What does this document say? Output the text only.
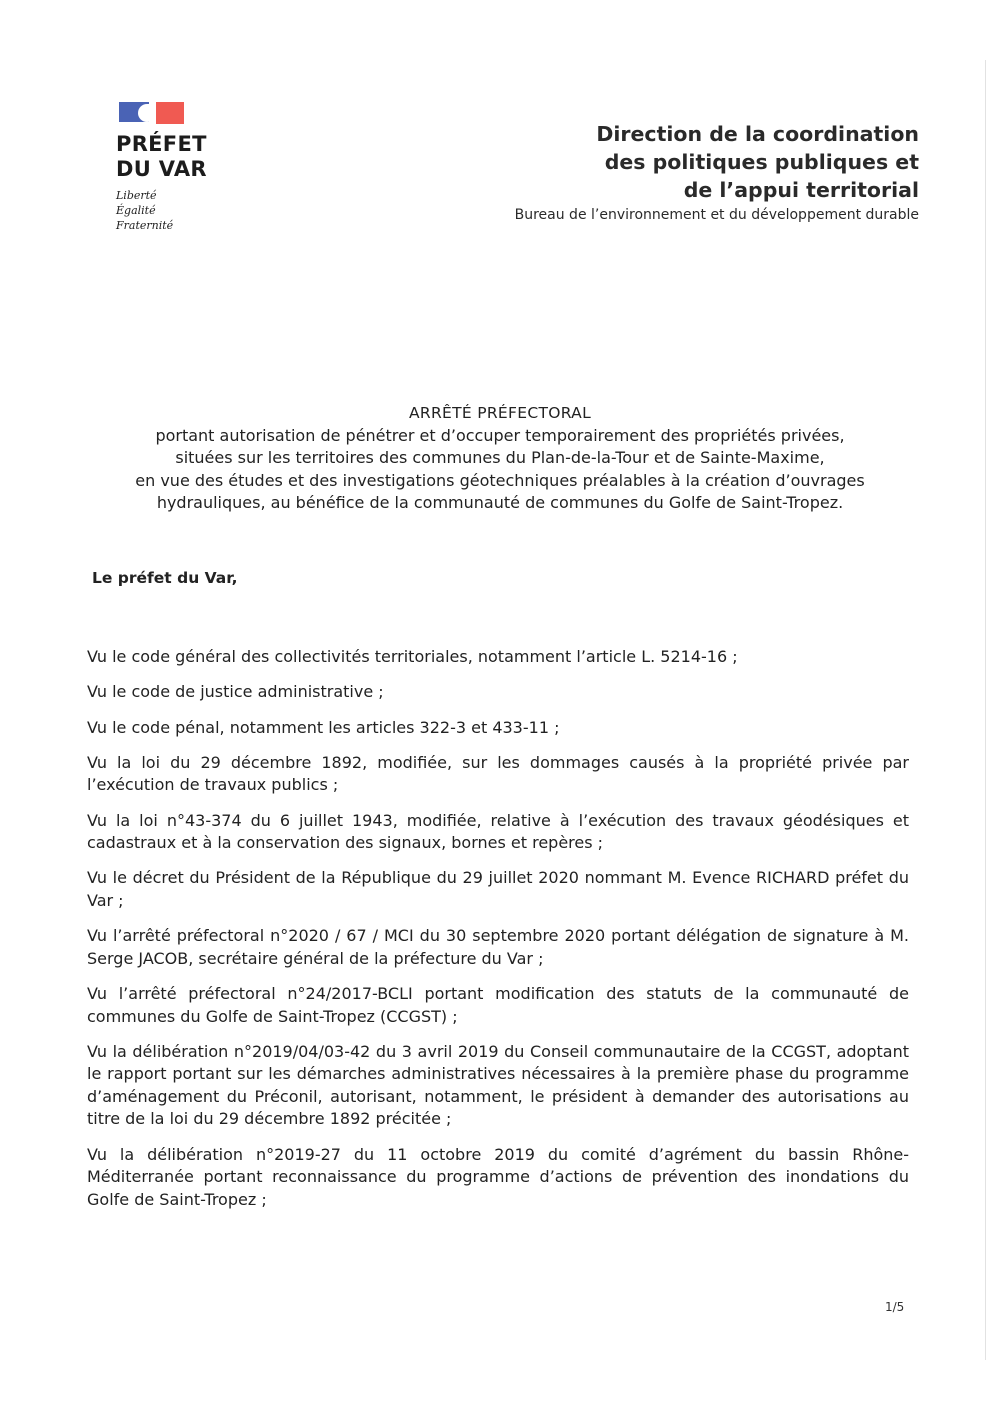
PRÉFET
DU VAR
Liberté
Égalité
Fraternité
Direction de la coordination
des politiques publiques et
de l’appui territorial
Bureau de l’environnement et du développement durable
ARRÊTÉ PRÉFECTORAL
portant autorisation de pénétrer et d’occuper temporairement des propriétés privées,
situées sur les territoires des communes du Plan-de-la-Tour et de Sainte-Maxime,
en vue des études et des investigations géotechniques préalables à la création d’ouvrages
hydrauliques, au bénéfice de la communauté de communes du Golfe de Saint-Tropez.
Le préfet du Var,

Vu le code général des collectivités territoriales, notamment l’article L. 5214-16 ;

Vu le code de justice administrative ;

Vu le code pénal, notamment les articles 322-3 et 433-11 ;

Vu la loi du 29 décembre 1892, modifiée, sur les dommages causés à la propriété privée par l’exécution de travaux publics ;

Vu la loi n°43-374 du 6 juillet 1943, modifiée, relative à l’exécution des travaux géodésiques et cadastraux et à la conservation des signaux, bornes et repères ;

Vu le décret du Président de la République du 29 juillet 2020 nommant M. Evence RICHARD préfet du Var ;

Vu l’arrêté préfectoral n°2020 / 67 / MCI du 30 septembre 2020 portant délégation de signature à M. Serge JACOB, secrétaire général de la préfecture du Var ;

Vu l’arrêté préfectoral n°24/2017-BCLI portant modification des statuts de la communauté de communes du Golfe de Saint-Tropez (CCGST) ;

Vu la délibération n°2019/04/03-42 du 3 avril 2019 du Conseil communautaire de la CCGST, adoptant le rapport portant sur les démarches administratives nécessaires à la première phase du programme d’aménagement du Préconil, autorisant, notamment, le président à demander des autorisations au titre de la loi du 29 décembre 1892 précitée ;

Vu la délibération n°2019-27 du 11 octobre 2019 du comité d’agrément du bassin Rhône-Méditerranée portant reconnaissance du programme d’actions de prévention des inondations du Golfe de Saint-Tropez ;

1/5
